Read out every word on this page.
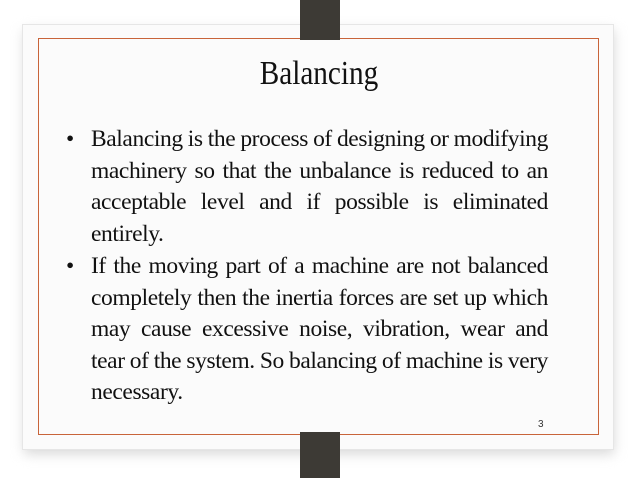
Balancing
• Balancing is the process of designing or modifying machinery so that the unbalance is reduced to an acceptable level and if possible is eliminated entirely.
• If the moving part of a machine are not balanced completely then the inertia forces are set up which may cause excessive noise, vibration, wear and tear of the system. So balancing of machine is very necessary.
3
